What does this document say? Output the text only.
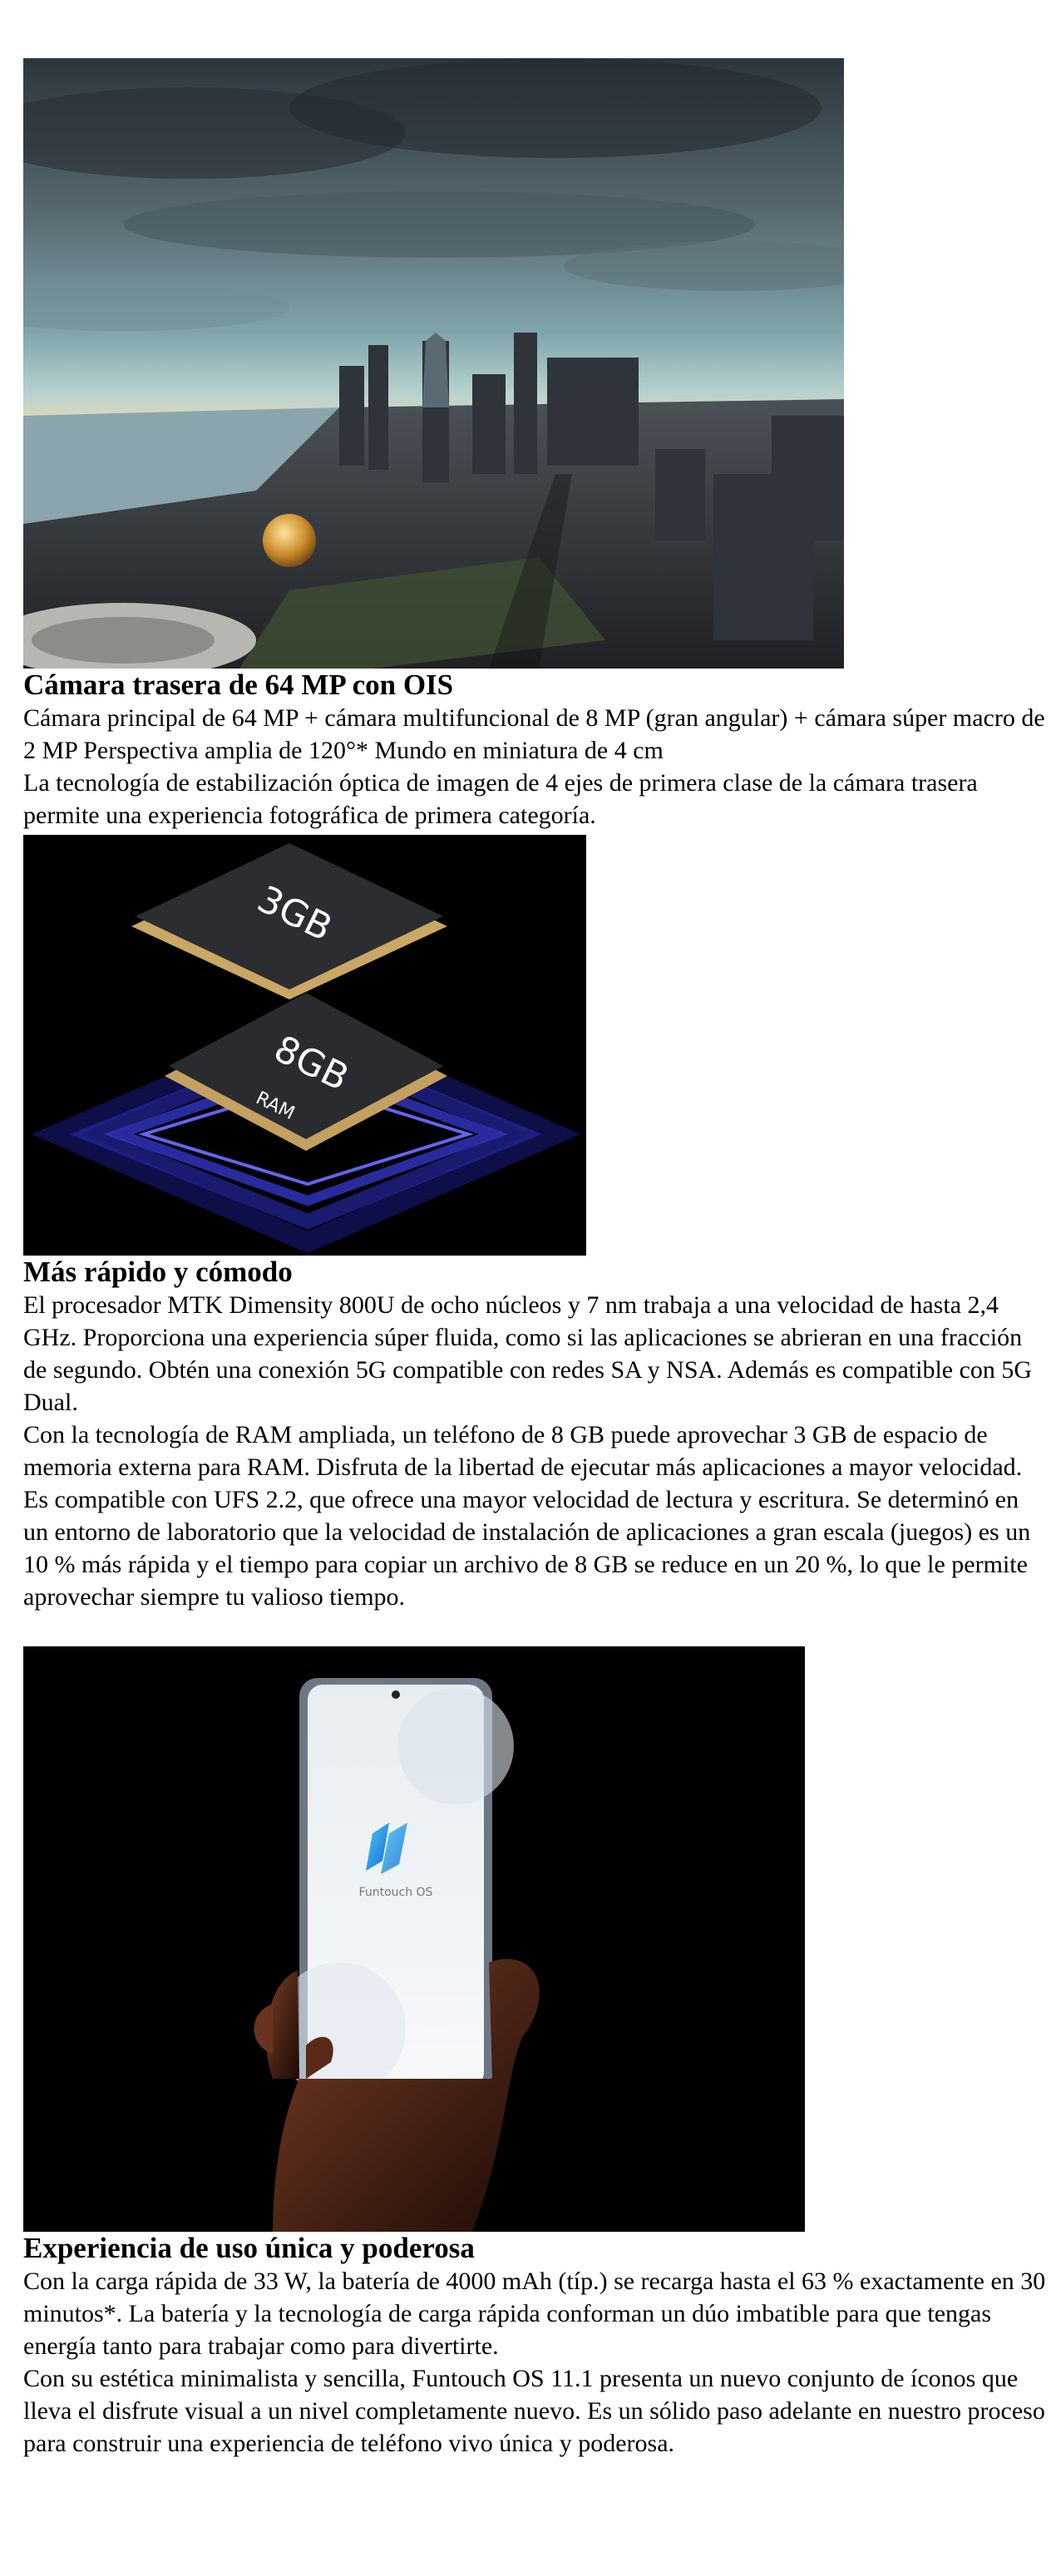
Cámara trasera de 64 MP con OIS

Cámara principal de 64 MP + cámara multifuncional de 8 MP (gran angular) + cámara súper macro de 2 MP Perspectiva amplia de 120°* Mundo en miniatura de 4 cm

La tecnología de estabilización óptica de imagen de 4 ejes de primera clase de la cámara trasera permite una experiencia fotográfica de primera categoría.

8GB
RAM
3GB
Más rápido y cómodo

El procesador MTK Dimensity 800U de ocho núcleos y 7 nm trabaja a una velocidad de hasta 2,4 GHz. Proporciona una experiencia súper fluida, como si las aplicaciones se abrieran en una fracción de segundo. Obtén una conexión 5G compatible con redes SA y NSA. Además es compatible con 5G Dual.

Con la tecnología de RAM ampliada, un teléfono de 8 GB puede aprovechar 3 GB de espacio de memoria externa para RAM. Disfruta de la libertad de ejecutar más aplicaciones a mayor velocidad.

Es compatible con UFS 2.2, que ofrece una mayor velocidad de lectura y escritura. Se determinó en un entorno de laboratorio que la velocidad de instalación de aplicaciones a gran escala (juegos) es un 10 % más rápida y el tiempo para copiar un archivo de 8 GB se reduce en un 20 %, lo que le permite aprovechar siempre tu valioso tiempo.

Funtouch OS
Experiencia de uso única y poderosa

Con la carga rápida de 33 W, la batería de 4000 mAh (típ.) se recarga hasta el 63 % exactamente en 30 minutos*. La batería y la tecnología de carga rápida conforman un dúo imbatible para que tengas energía tanto para trabajar como para divertirte.

Con su estética minimalista y sencilla, Funtouch OS 11.1 presenta un nuevo conjunto de íconos que lleva el disfrute visual a un nivel completamente nuevo. Es un sólido paso adelante en nuestro proceso para construir una experiencia de teléfono vivo única y poderosa.
